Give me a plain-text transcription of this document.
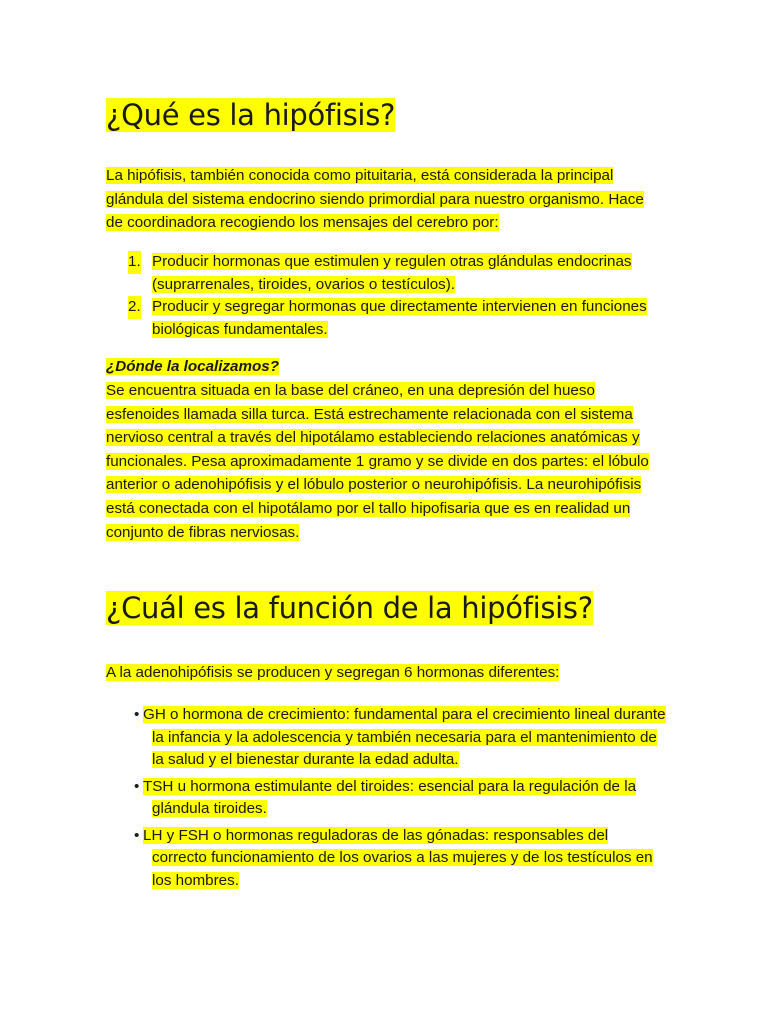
¿Qué es la hipófisis?

La hipófisis, también conocida como pituitaria, está considerada la principal glándula del sistema endocrino siendo primordial para nuestro organismo. Hace de coordinadora recogiendo los mensajes del cerebro por:

1. Producir hormonas que estimulen y regulen otras glándulas endocrinas (suprarrenales, tiroides, ovarios o testículos).
2. Producir y segregar hormonas que directamente intervienen en funciones biológicas fundamentales.

¿Dónde la localizamos?

Se encuentra situada en la base del cráneo, en una depresión del hueso esfenoides llamada silla turca. Está estrechamente relacionada con el sistema nervioso central a través del hipotálamo estableciendo relaciones anatómicas y funcionales. Pesa aproximadamente 1 gramo y se divide en dos partes: el lóbulo anterior o adenohipófisis y el lóbulo posterior o neurohipófisis. La neurohipófisis está conectada con el hipotálamo por el tallo hipofisaria que es en realidad un conjunto de fibras nerviosas.

¿Cuál es la función de la hipófisis?

A la adenohipófisis se producen y segregan 6 hormonas diferentes:

• GH o hormona de crecimiento: fundamental para el crecimiento lineal durante la infancia y la adolescencia y también necesaria para el mantenimiento de la salud y el bienestar durante la edad adulta.
• TSH u hormona estimulante del tiroides: esencial para la regulación de la glándula tiroides.
• LH y FSH o hormonas reguladoras de las gónadas: responsables del correcto funcionamiento de los ovarios a las mujeres y de los testículos en los hombres.
